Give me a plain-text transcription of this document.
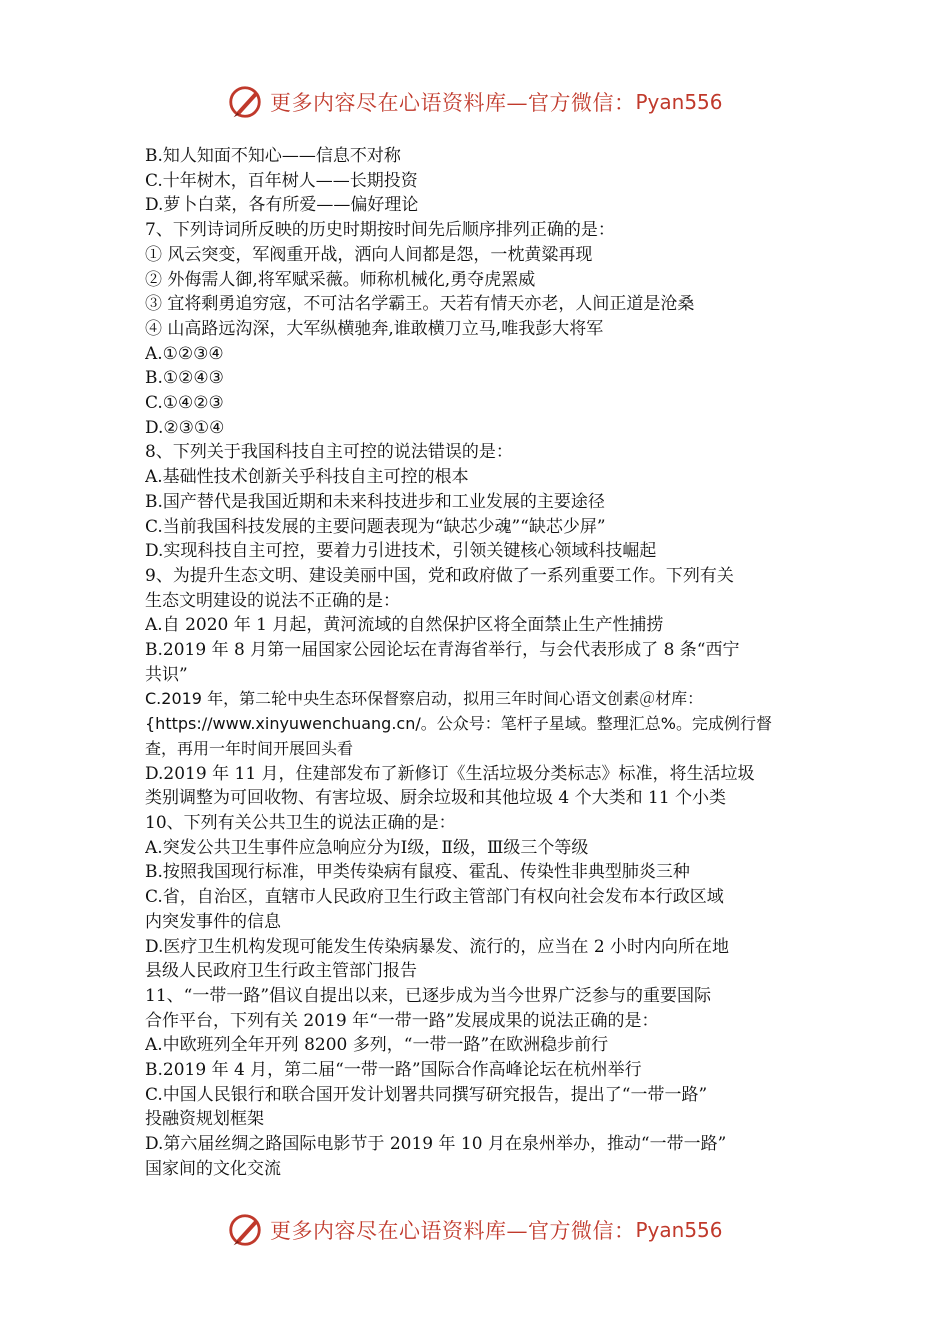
更多内容尽在心语资料库—官方微信： Pyan556
B.知人知面不知心——信息不对称
C.十年树木，百年树人——长期投资
D.萝卜白菜，各有所爱——偏好理论
7、下列诗词所反映的历史时期按时间先后顺序排列正确的是：
① 风云突变，军阀重开战，洒向人间都是怨，一枕黄粱再现
② 外侮需人御,将军赋采薇。师称机械化,勇夺虎罴威
③ 宜将剩勇追穷寇，不可沽名学霸王。天若有情天亦老，人间正道是沧桑
④ 山高路远沟深，大军纵横驰奔,谁敢横刀立马,唯我彭大将军
A.①②③④
B.①②④③
C.①④②③
D.②③①④
8、下列关于我国科技自主可控的说法错误的是：
A.基础性技术创新关乎科技自主可控的根本
B.国产替代是我国近期和未来科技进步和工业发展的主要途径
C.当前我国科技发展的主要问题表现为“缺芯少魂”“缺芯少屏”
D.实现科技自主可控，要着力引进技术，引领关键核心领域科技崛起
9、为提升生态文明、建设美丽中国，党和政府做了一系列重要工作。下列有关
生态文明建设的说法不正确的是：
A.自 2020 年 1 月起，黄河流域的自然保护区将全面禁止生产性捕捞
B.2019 年 8 月第一届国家公园论坛在青海省举行，与会代表形成了 8 条“西宁
共识”
C.2019 年，第二轮中央生态环保督察启动，拟用三年时间心语文创素＠材库：
{https://www.xinyuwenchuang.cn/。公众号：笔杆子星域。整理汇总%。完成例行督
查，再用一年时间开展回头看
D.2019 年 11 月，住建部发布了新修订《生活垃圾分类标志》标准，将生活垃圾
类别调整为可回收物、有害垃圾、厨余垃圾和其他垃圾 4 个大类和 11 个小类
10、下列有关公共卫生的说法正确的是：
A.突发公共卫生事件应急响应分为Ⅰ级，Ⅱ级，Ⅲ级三个等级
B.按照我国现行标准，甲类传染病有鼠疫、霍乱、传染性非典型肺炎三种
C.省，自治区，直辖市人民政府卫生行政主管部门有权向社会发布本行政区域
内突发事件的信息
D.医疗卫生机构发现可能发生传染病暴发、流行的，应当在 2 小时内向所在地
县级人民政府卫生行政主管部门报告
11、“一带一路”倡议自提出以来，已逐步成为当今世界广泛参与的重要国际
合作平台，下列有关 2019 年“一带一路”发展成果的说法正确的是：
A.中欧班列全年开列 8200 多列，“一带一路”在欧洲稳步前行
B.2019 年 4 月，第二届“一带一路”国际合作高峰论坛在杭州举行
C.中国人民银行和联合国开发计划署共同撰写研究报告，提出了“一带一路”
投融资规划框架
D.第六届丝绸之路国际电影节于 2019 年 10 月在泉州举办，推动“一带一路”
国家间的文化交流
更多内容尽在心语资料库—官方微信： Pyan556
